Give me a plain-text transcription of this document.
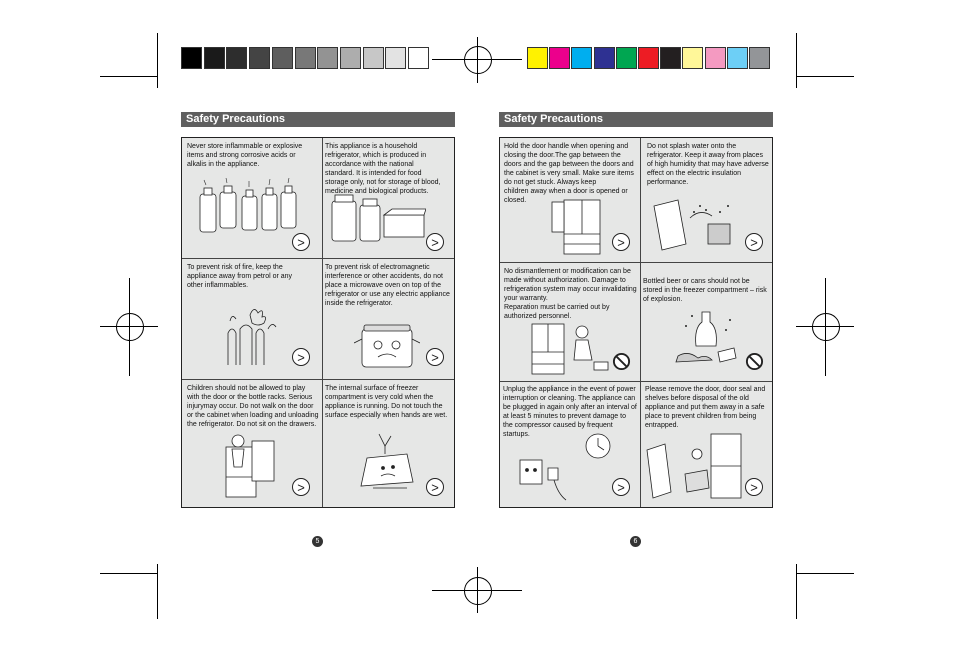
Safety Precautions
Never store inflammable or explosive
items and strong corrosive acids or
alkalis in the appliance.
>
This appliance is a household
refrigerator, which is produced in
accordance with the national
standard. It is intended for food
storage only, not for storage of blood,
medicine and biological products.
>
To prevent risk of fire, keep the
appliance away from petrol or any
other inflammables.
>
To prevent risk of electromagnetic
interference or other accidents, do not
place a microwave oven on top of the
refrigerator or use any electric appliance
inside the refrigerator.
>
Children should not be allowed to play
with the door or the bottle racks. Serious
injurymay occur. Do not walk on the door
or the cabinet when loading and unloading
the refrigerator. Do not sit on the drawers.
>
The internal surface of freezer
compartment is very cold when the
appliance is running. Do not touch the
surface especially when hands are wet.
>
5
Safety Precautions
Hold the door handle when opening and
closing the door.The gap between the
doors and the gap between the doors and
the cabinet is very small. Make sure items
do not get stuck. Always keep
children away when a door is opened or
closed.
>
Do not splash water onto the
refrigerator. Keep it away from places
of high humidity that may have adverse
effect on the electric insulation
performance.
>
No dismantlement or modification can be
made without authorization. Damage to
refrigeration system may occur invalidating
your warranty.
Reparation must be carried out by
authorized personnel.
Bottled beer or cans should not be
stored in the freezer compartment – risk
of explosion.
Unplug the appliance in the event of power
interruption or cleaning. The appliance can
be plugged in again only after an interval of
at least 5 minutes to prevent damage to
the compressor caused by frequent
startups.
>
Please remove the door, door seal and
shelves before disposal of the old
appliance and put them away in a safe
place to prevent children from being
entrapped.
>
6
